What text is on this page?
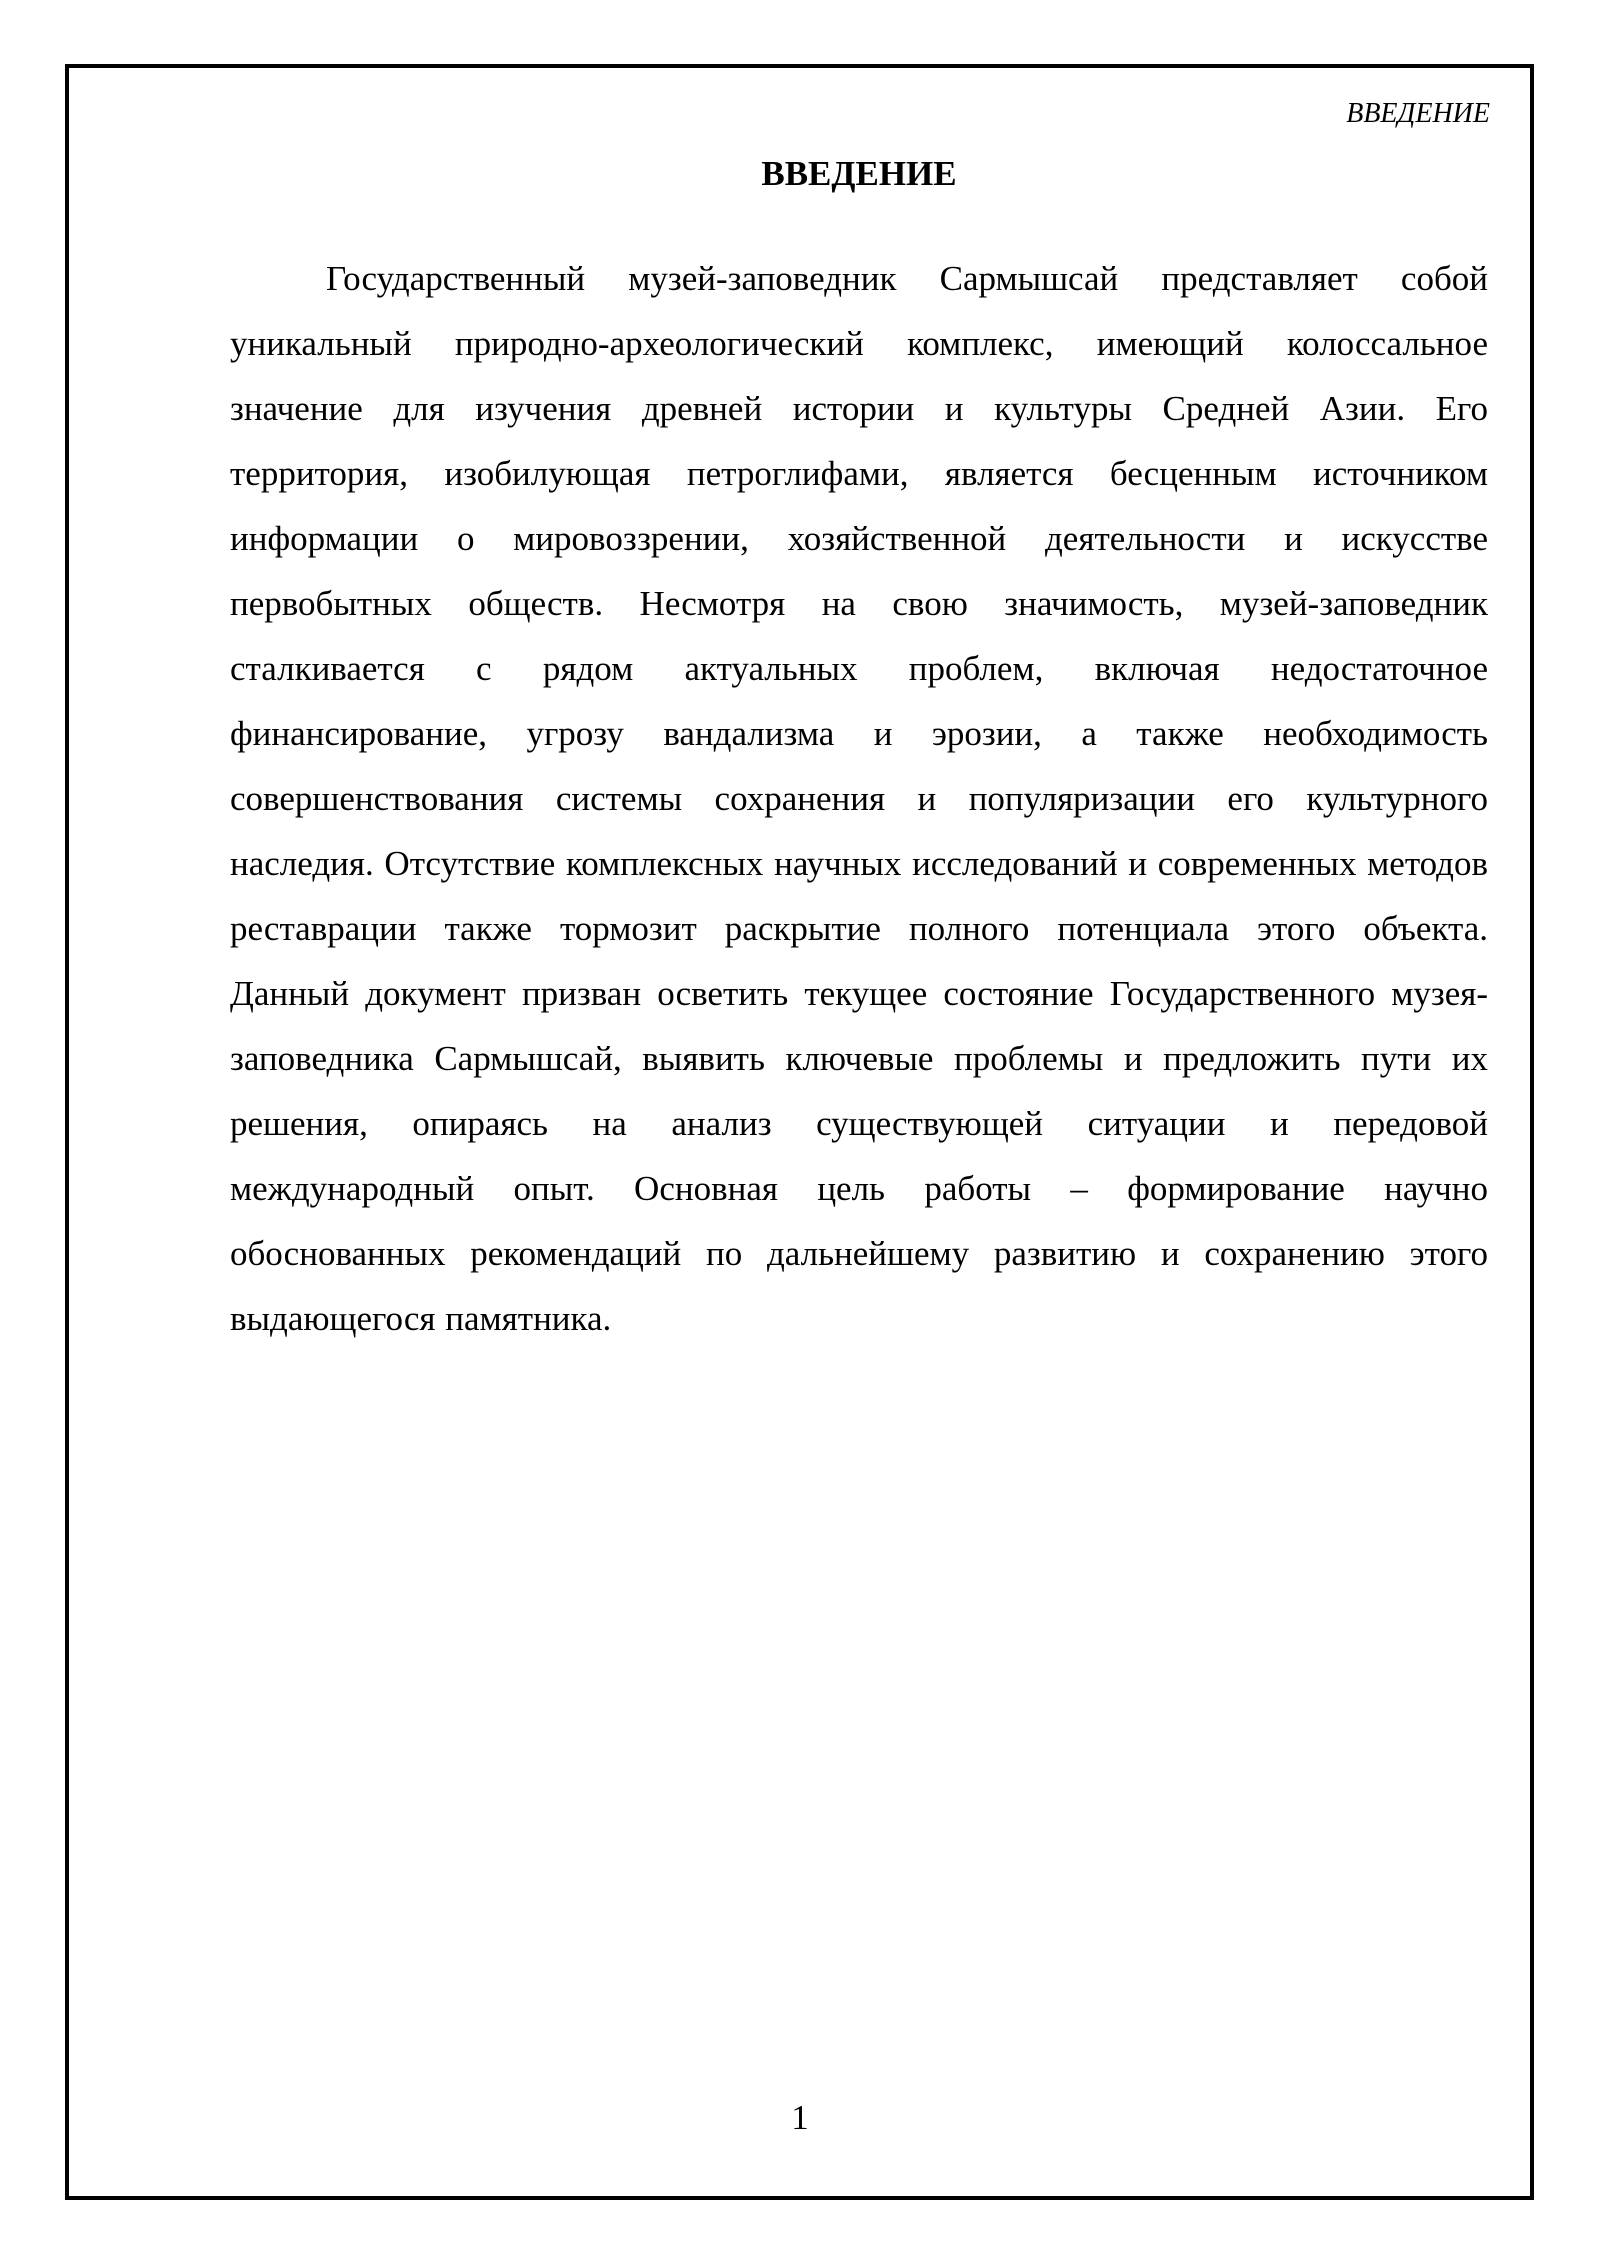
ВВЕДЕНИЕ

ВВЕДЕНИЕ

Государственный музей-заповедник Сармышсай представляет собой уникальный природно-археологический комплекс, имеющий колоссальное значение для изучения древней истории и культуры Средней Азии. Его территория, изобилующая петроглифами, является бесценным источником информации о мировоззрении, хозяйственной деятельности и искусстве первобытных обществ. Несмотря на свою значимость, музей-заповедник сталкивается с рядом актуальных проблем, включая недостаточное финансирование, угрозу вандализма и эрозии, а также необходимость совершенствования системы сохранения и популяризации его культурного наследия. Отсутствие комплексных научных исследований и современных методов реставрации также тормозит раскрытие полного потенциала этого объекта. Данный документ призван осветить текущее состояние Государственного музея-заповедника Сармышсай, выявить ключевые проблемы и предложить пути их решения, опираясь на анализ существующей ситуации и передовой международный опыт. Основная цель работы – формирование научно обоснованных рекомендаций по дальнейшему развитию и сохранению этого выдающегося памятника.

1
